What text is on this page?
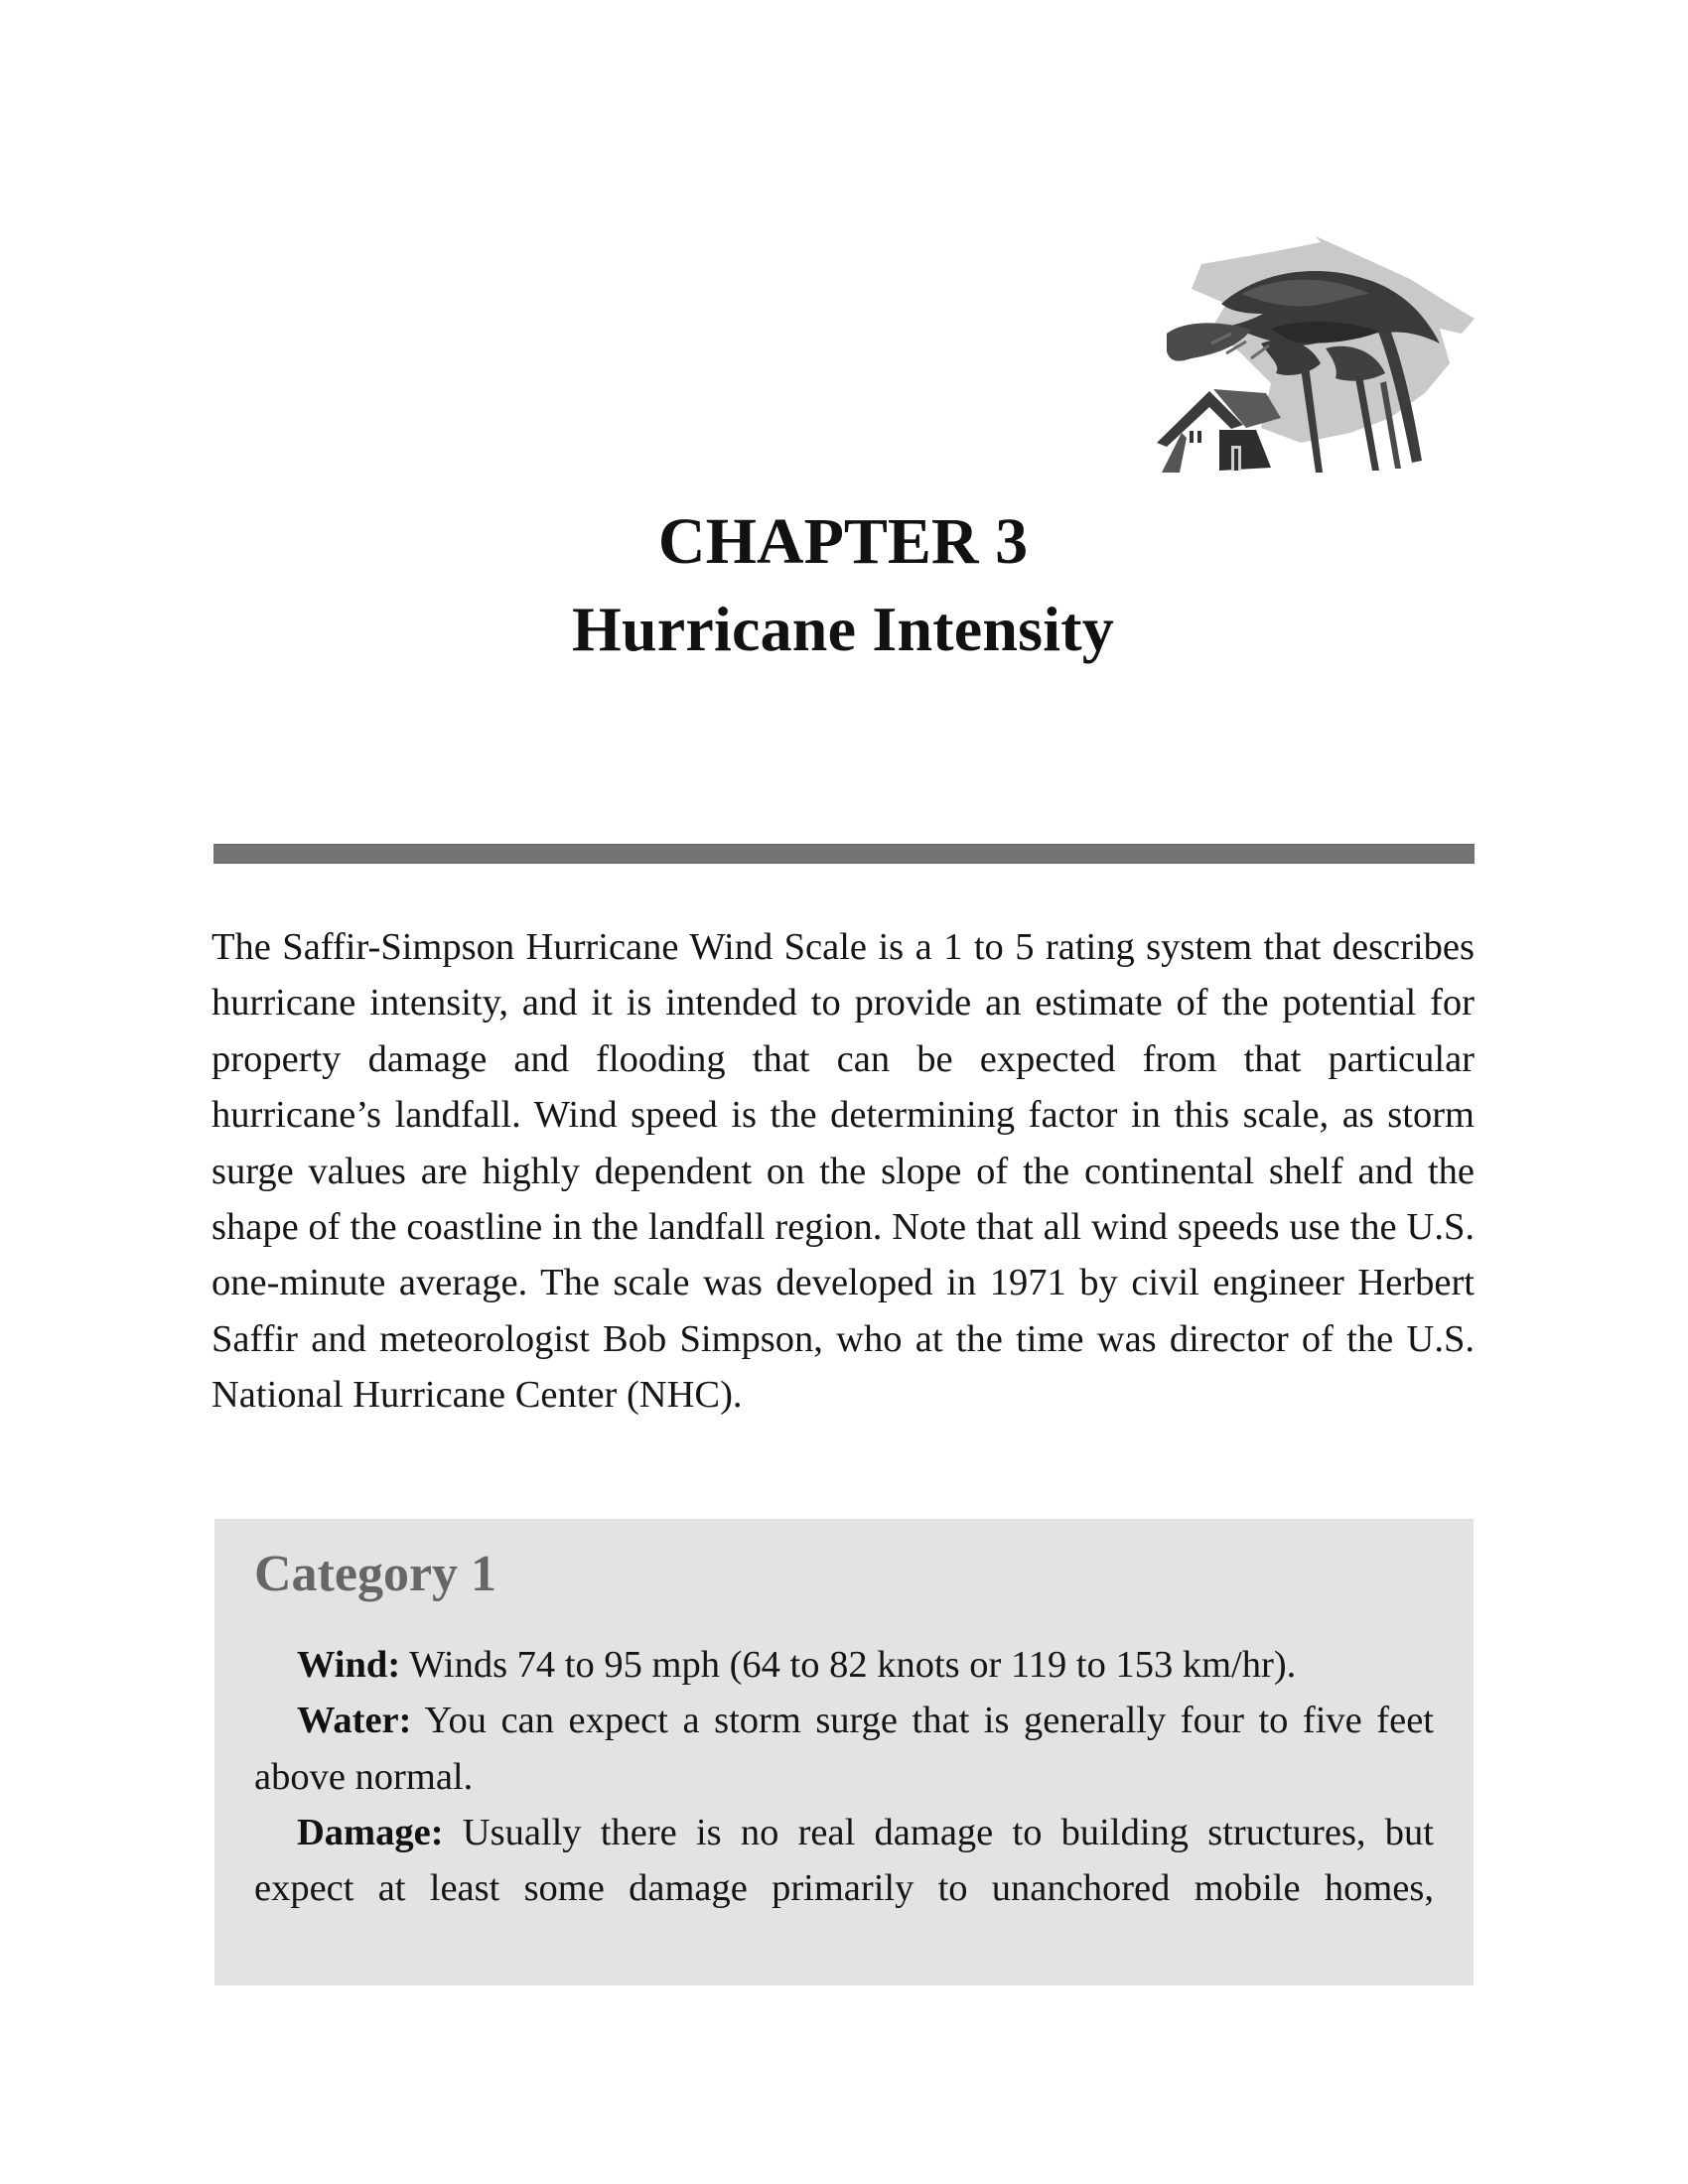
CHAPTER 3
Hurricane Intensity

The Saffir-Simpson Hurricane Wind Scale is a 1 to 5 rating system that describes hurricane intensity, and it is intended to provide an estimate of the potential for property damage and flooding that can be expected from that particular hurricane’s landfall. Wind speed is the determining factor in this scale, as storm surge values are highly dependent on the slope of the continental shelf and the shape of the coastline in the landfall region. Note that all wind speeds use the U.S. one-minute average. The scale was developed in 1971 by civil engineer Herbert Saffir and meteorologist Bob Simpson, who at the time was director of the U.S. National Hurricane Center (NHC).

Category 1

Wind: Winds 74 to 95 mph (64 to 82 knots or 119 to 153 km/hr).

Water: You can expect a storm surge that is generally four to five feet above normal.

Damage: Usually there is no real damage to building structures, but expect at least some damage primarily to unanchored mobile homes,
